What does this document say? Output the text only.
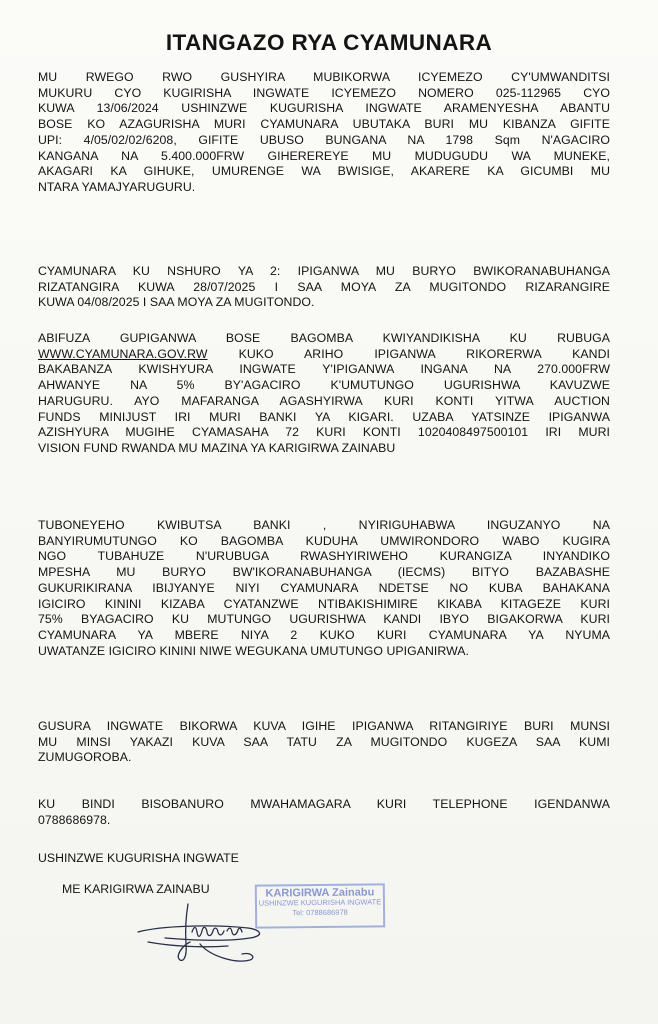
ITANGAZO RYA CYAMUNARA
MU RWEGO RWO GUSHYIRA MUBIKORWA ICYEMEZO CY'UMWANDITSI
MUKURU CYO KUGIRISHA INGWATE ICYEMEZO NOMERO 025-112965 CYO
KUWA 13/06/2024 USHINZWE KUGURISHA INGWATE ARAMENYESHA ABANTU
BOSE KO AZAGURISHA MURI CYAMUNARA UBUTAKA BURI MU KIBANZA GIFITE
UPI: 4/05/02/02/6208, GIFITE UBUSO BUNGANA NA 1798 Sqm N'AGACIRO
KANGANA NA 5.400.000FRW GIHEREREYE MU MUDUGUDU WA MUNEKE,
AKAGARI KA GIHUKE, UMURENGE WA BWISIGE, AKARERE KA GICUMBI MU
NTARA YAMAJYARUGURU.
CYAMUNARA KU NSHURO YA 2: IPIGANWA MU BURYO BWIKORANABUHANGA
RIZATANGIRA KUWA 28/07/2025 I SAA MOYA ZA MUGITONDO RIZARANGIRE
KUWA 04/08/2025 I SAA MOYA ZA MUGITONDO.
ABIFUZA GUPIGANWA BOSE BAGOMBA KWIYANDIKISHA KU RUBUGA
WWW.CYAMUNARA.GOV.RW KUKO ARIHO IPIGANWA RIKORERWA KANDI
BAKABANZA KWISHYURA INGWATE Y'IPIGANWA INGANA NA 270.000FRW
AHWANYE NA 5% BY'AGACIRO K'UMUTUNGO UGURISHWA KAVUZWE
HARUGURU. AYO MAFARANGA AGASHYIRWA KURI KONTI YITWA AUCTION
FUNDS MINIJUST IRI MURI BANKI YA KIGARI. UZABA YATSINZE IPIGANWA
AZISHYURA MUGIHE CYAMASAHA 72 KURI KONTI 1020408497500101 IRI MURI
VISION FUND RWANDA MU MAZINA YA KARIGIRWA ZAINABU
TUBONEYEHO KWIBUTSA BANKI , NYIRIGUHABWA INGUZANYO NA
BANYIRUMUTUNGO KO BAGOMBA KUDUHA UMWIRONDORO WABO KUGIRA
NGO TUBAHUZE N'URUBUGA RWASHYIRIWEHO KURANGIZA INYANDIKO
MPESHA MU BURYO BW'IKORANABUHANGA (IECMS) BITYO BAZABASHE
GUKURIKIRANA IBIJYANYE NIYI CYAMUNARA NDETSE NO KUBA BAHAKANA
IGICIRO KININI KIZABA CYATANZWE NTIBAKISHIMIRE KIKABA KITAGEZE KURI
75% BYAGACIRO KU MUTUNGO UGURISHWA KANDI IBYO BIGAKORWA KURI
CYAMUNARA YA MBERE NIYA 2 KUKO KURI CYAMUNARA YA NYUMA
UWATANZE IGICIRO KININI NIWE WEGUKANA UMUTUNGO UPIGANIRWA.
GUSURA INGWATE BIKORWA KUVA IGIHE IPIGANWA RITANGIRIYE BURI MUNSI
MU MINSI YAKAZI KUVA SAA TATU ZA MUGITONDO KUGEZA SAA KUMI
ZUMUGOROBA.
KU BINDI BISOBANURO MWAHAMAGARA KURI TELEPHONE IGENDANWA
0788686978.
USHINZWE KUGURISHA INGWATE
ME KARIGIRWA ZAINABU	KARIGIRWA Zainabu
USHINZWE KUGURISHA INGWATE
Tel: 0788686978
